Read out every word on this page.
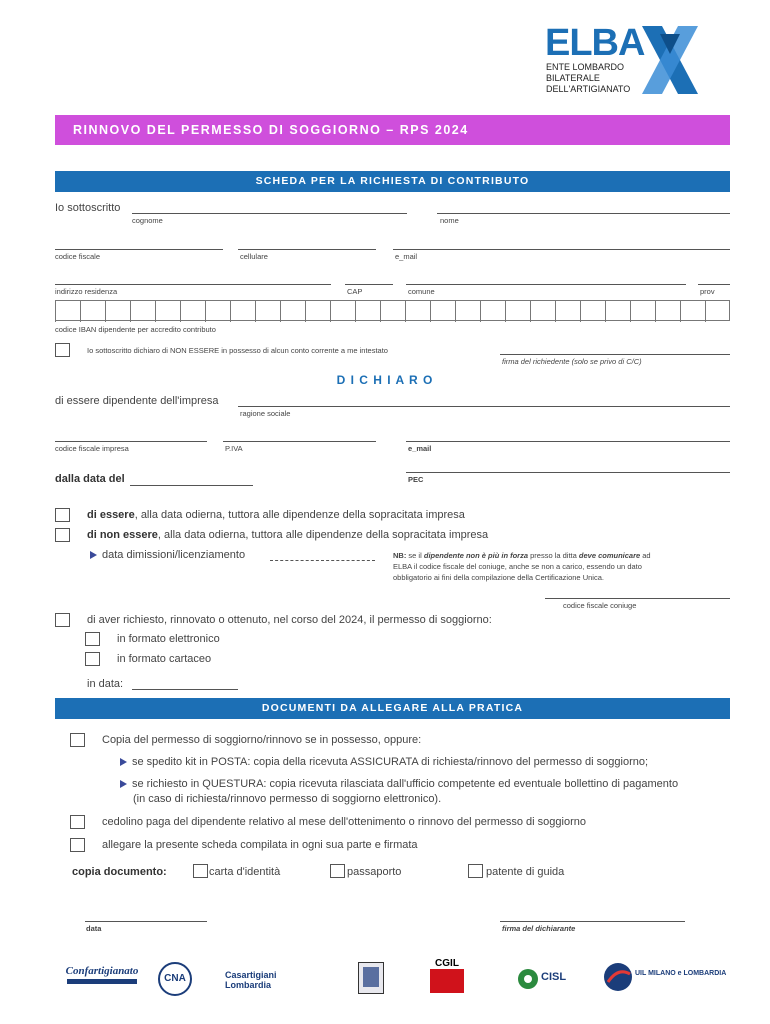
ELBA
ENTE LOMBARDO
BILATERALE
DELL'ARTIGIANATO
RINNOVO DEL PERMESSO DI SOGGIORNO – RPS 2024
SCHEDA PER LA RICHIESTA DI CONTRIBUTO
Io sottoscritto
cognome	nome
codice fiscale	cellulare	e_mail
indirizzo residenza	CAP	comune	prov
codice IBAN dipendente per accredito contributo
Io sottoscritto dichiaro di NON ESSERE in possesso di alcun conto corrente a me intestato
firma del richiedente (solo se privo di C/C)
D I C H I A R O
di essere dipendente dell'impresa
ragione sociale
codice fiscale impresa	P.IVA	e_mail
dalla data del	PEC
di essere, alla data odierna, tuttora alle dipendenze della sopracitata impresa
di non essere, alla data odierna, tuttora alle dipendenze della sopracitata impresa
data dimissioni/licenziamento	NB: se il dipendente non è più in forza presso la ditta deve comunicare ad
ELBA il codice fiscale del coniuge, anche se non a carico, essendo un dato
obbligatorio ai fini della compilazione della Certificazione Unica.
codice fiscale coniuge
di aver richiesto, rinnovato o ottenuto, nel corso del 2024, il permesso di soggiorno:
in formato elettronico
in formato cartaceo
in data:
DOCUMENTI DA ALLEGARE ALLA PRATICA
Copia del permesso di soggiorno/rinnovo se in possesso, oppure:
se spedito kit in POSTA: copia della ricevuta ASSICURATA di richiesta/rinnovo del permesso di soggiorno;
se richiesto in QUESTURA: copia ricevuta rilasciata dall'ufficio competente ed eventuale bollettino di pagamento
(in caso di richiesta/rinnovo permesso di soggiorno elettronico).
cedolino paga del dipendente relativo al mese dell'ottenimento o rinnovo del permesso di soggiorno
allegare la presente scheda compilata in ogni sua parte e firmata
copia documento:	carta d'identità	passaporto	patente di guida
data	firma del dichiarante
Confartigianato
CNA	Casartigiani Lombardia
CGIL
CISL	UIL MILANO e LOMBARDIA
